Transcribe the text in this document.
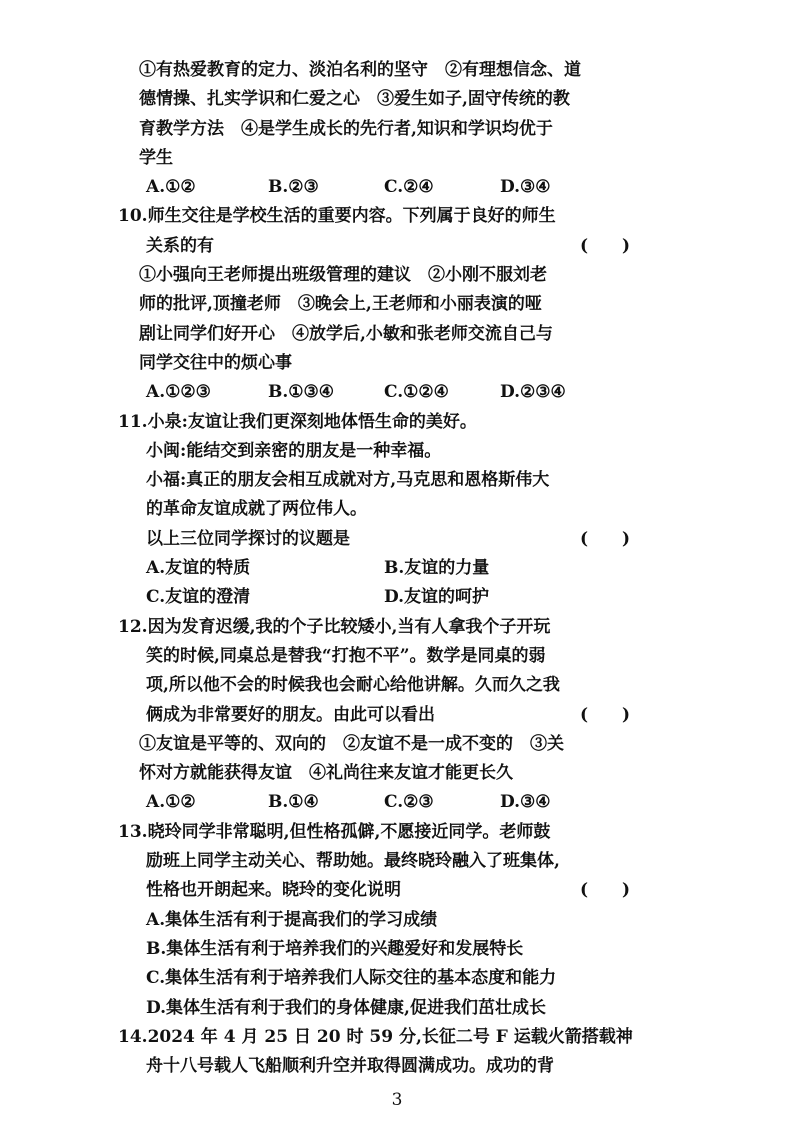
①有热爱教育的定力、淡泊名利的坚守　②有理想信念、道
德情操、扎实学识和仁爱之心　③爱生如子,固守传统的教
育教学方法　④是学生成长的先行者,知识和学识均优于
学生
A.①②	B.②③	C.②④	D.③④
10.师生交往是学校生活的重要内容。下列属于良好的师生
关系的有	(　　)
①小强向王老师提出班级管理的建议　②小刚不服刘老
师的批评,顶撞老师　③晚会上,王老师和小丽表演的哑
剧让同学们好开心　④放学后,小敏和张老师交流自己与
同学交往中的烦心事
A.①②③	B.①③④	C.①②④	D.②③④
11.小泉:友谊让我们更深刻地体悟生命的美好。
小闽:能结交到亲密的朋友是一种幸福。
小福:真正的朋友会相互成就对方,马克思和恩格斯伟大
的革命友谊成就了两位伟人。
以上三位同学探讨的议题是	(　　)
A.友谊的特质	B.友谊的力量
C.友谊的澄清	D.友谊的呵护
12.因为发育迟缓,我的个子比较矮小,当有人拿我个子开玩
笑的时候,同桌总是替我“打抱不平”。数学是同桌的弱
项,所以他不会的时候我也会耐心给他讲解。久而久之我
俩成为非常要好的朋友。由此可以看出	(　　)
①友谊是平等的、双向的　②友谊不是一成不变的　③关
怀对方就能获得友谊　④礼尚往来友谊才能更长久
A.①②	B.①④	C.②③	D.③④
13.晓玲同学非常聪明,但性格孤僻,不愿接近同学。老师鼓
励班上同学主动关心、帮助她。最终晓玲融入了班集体,
性格也开朗起来。晓玲的变化说明	(　　)
A.集体生活有利于提高我们的学习成绩
B.集体生活有利于培养我们的兴趣爱好和发展特长
C.集体生活有利于培养我们人际交往的基本态度和能力
D.集体生活有利于我们的身体健康,促进我们茁壮成长
14.2024 年 4 月 25 日 20 时 59 分,长征二号 F 运载火箭搭载神
舟十八号载人飞船顺利升空并取得圆满成功。成功的背
3
